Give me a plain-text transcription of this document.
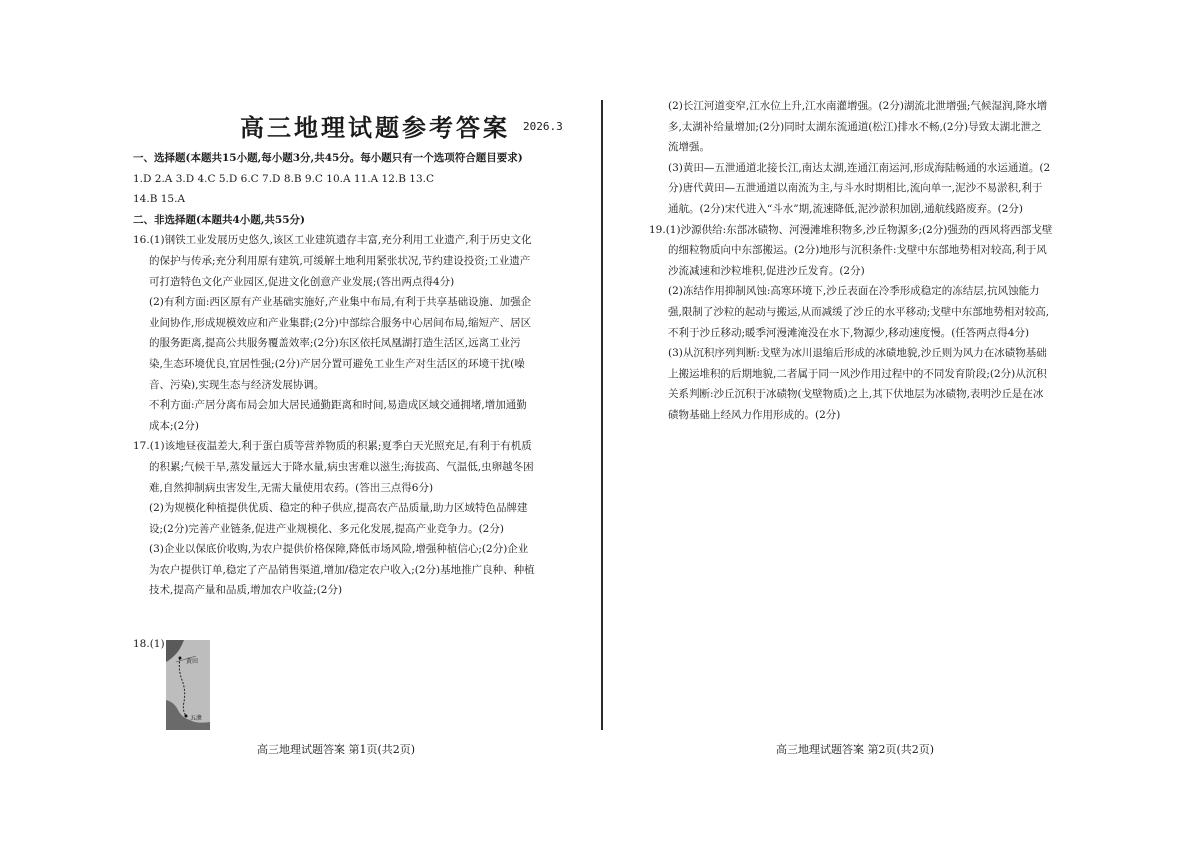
高三地理试题参考答案 2026.3
一、选择题(本题共15小题,每小题3分,共45分。每小题只有一个选项符合题目要求)
1.D 2.A 3.D 4.C 5.D 6.C 7.D 8.B 9.C 10.A 11.A 12.B 13.C
14.B 15.A
二、非选择题(本题共4小题,共55分)
16.(1)钢铁工业发展历史悠久,该区工业建筑遗存丰富,充分利用工业遗产,利于历史文化
的保护与传承;充分利用原有建筑,可缓解土地利用紧张状况,节约建设投资;工业遗产
可打造特色文化产业园区,促进文化创意产业发展;(答出两点得4分)
(2)有利方面:西区原有产业基础实施好,产业集中布局,有利于共享基础设施、加强企
业间协作,形成规模效应和产业集群;(2分)中部综合服务中心居间布局,缩短产、居区
的服务距离,提高公共服务覆盖效率;(2分)东区依托凤凰湖打造生活区,远离工业污
染,生态环境优良,宜居性强;(2分)产居分置可避免工业生产对生活区的环境干扰(噪
音、污染),实现生态与经济发展协调。
不利方面:产居分离布局会加大居民通勤距离和时间,易造成区域交通拥堵,增加通勤
成本;(2分)
17.(1)该地昼夜温差大,利于蛋白质等营养物质的积累;夏季白天光照充足,有利于有机质
的积累;气候干旱,蒸发量远大于降水量,病虫害难以滋生;海拔高、气温低,虫卵越冬困
难,自然抑制病虫害发生,无需大量使用农药。(答出三点得6分)
(2)为规模化种植提供优质、稳定的种子供应,提高农产品质量,助力区域特色品牌建
设;(2分)完善产业链条,促进产业规模化、多元化发展,提高产业竞争力。(2分)
(3)企业以保底价收购,为农户提供价格保障,降低市场风险,增强种植信心;(2分)企业
为农户提供订单,稳定了产品销售渠道,增加/稳定农户收入;(2分)基地推广良种、种植
技术,提高产量和品质,增加农户收益;(2分)
18.(1)
黄田
五泄
高三地理试题答案 第1页(共2页)	高三地理试题答案 第2页(共2页)
(2)长江河道变窄,江水位上升,江水南灌增强。(2分)湖流北泄增强;气候湿润,降水增
多,太湖补给量增加;(2分)同时太湖东流通道(松江)排水不畅,(2分)导致太湖北泄之
流增强。
(3)黄田—五泄通道北接长江,南达太湖,连通江南运河,形成海陆畅通的水运通道。(2
分)唐代黄田—五泄通道以南流为主,与斗水时期相比,流向单一,泥沙不易淤积,利于
通航。(2分)宋代进入“斗水”期,流速降低,泥沙淤积加剧,通航线路废弃。(2分)
19.(1)沙源供给:东部冰碛物、河漫滩堆积物多,沙丘物源多;(2分)强劲的西风将西部戈壁
的细粒物质向中东部搬运。(2分)地形与沉积条件:戈壁中东部地势相对较高,利于风
沙流减速和沙粒堆积,促进沙丘发育。(2分)
(2)冻结作用抑制风蚀:高寒环境下,沙丘表面在冷季形成稳定的冻结层,抗风蚀能力
强,限制了沙粒的起动与搬运,从而减缓了沙丘的水平移动;戈壁中东部地势相对较高,
不利于沙丘移动;暖季河漫滩淹没在水下,物源少,移动速度慢。(任答两点得4分)
(3)从沉积序列判断:戈壁为冰川退缩后形成的冰碛地貌,沙丘则为风力在冰碛物基础
上搬运堆积的后期地貌,二者属于同一风沙作用过程中的不同发育阶段;(2分)从沉积
关系判断:沙丘沉积于冰碛物(戈壁物质)之上,其下伏地层为冰碛物,表明沙丘是在冰
碛物基础上经风力作用形成的。(2分)
